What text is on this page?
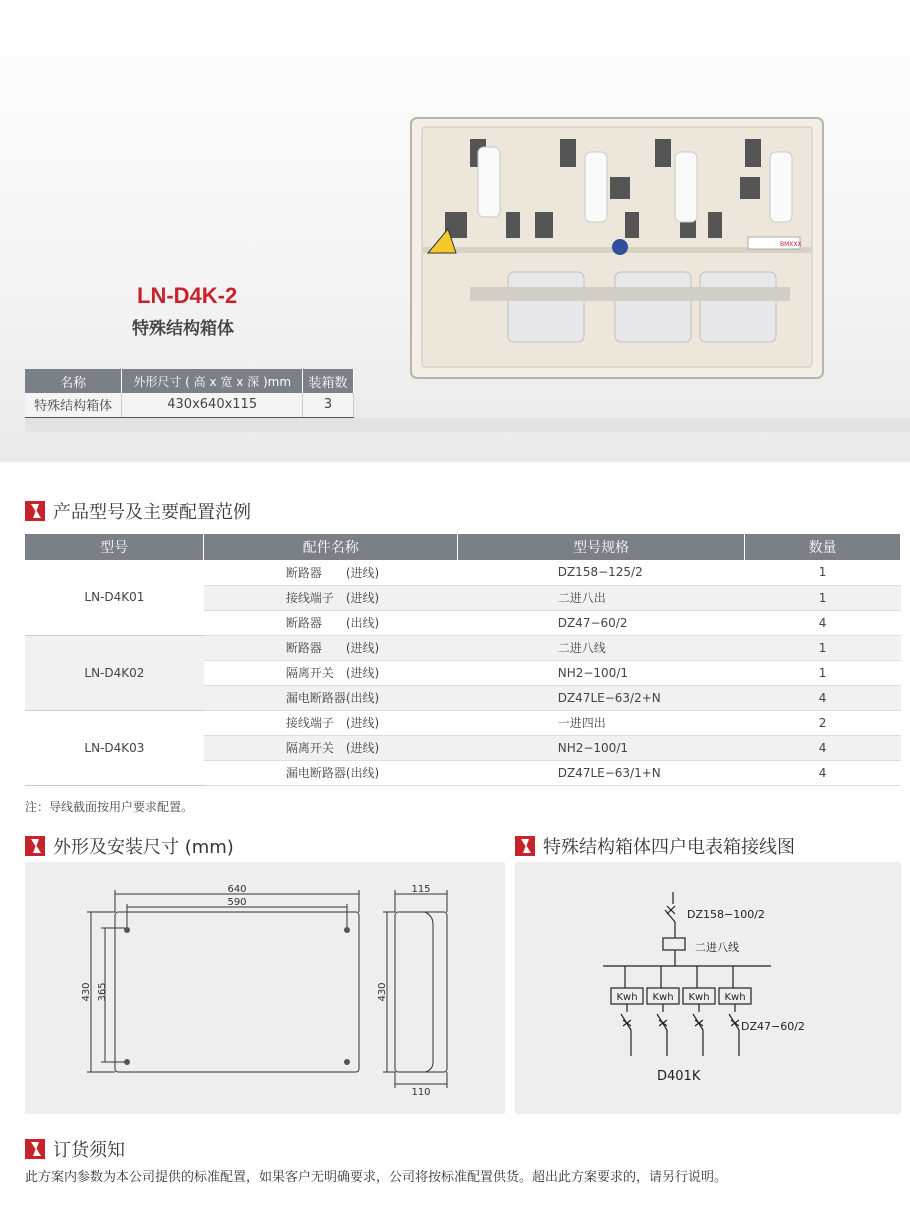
LN-D4K-2
特殊结构箱体
名称	外形尺寸 ( 高 x 宽 x 深 )mm	装箱数
特殊结构箱体	430x640x115	3
BMXXX
产品型号及主要配置范例
型号	配件名称	型号规格	数量
LN-D4K01	断路器　　(进线)	DZ158−125/2	1
	接线端子　(进线)	二进八出	1
	断路器　　(出线)	DZ47−60/2	4
LN-D4K02	断路器　　(进线)	二进八线	1
	隔离开关　(进线)	NH2−100/1	1
	漏电断路器(出线)	DZ47LE−63/2+N	4
LN-D4K03	接线端子　(进线)	一进四出	2
	隔离开关　(进线)	NH2−100/1	4
	漏电断路器(出线)	DZ47LE−63/1+N	4
注：导线截面按用户要求配置。
外形及安装尺寸 (mm)
640
590
115
110
430 365	430
特殊结构箱体四户电表箱接线图
DZ158−100/2
二进八线
DZ47−60/2
D401K
Kwh Kwh Kwh Kwh
订货须知
此方案内参数为本公司提供的标准配置，如果客户无明确要求，公司将按标准配置供货。超出此方案要求的，请另行说明。
